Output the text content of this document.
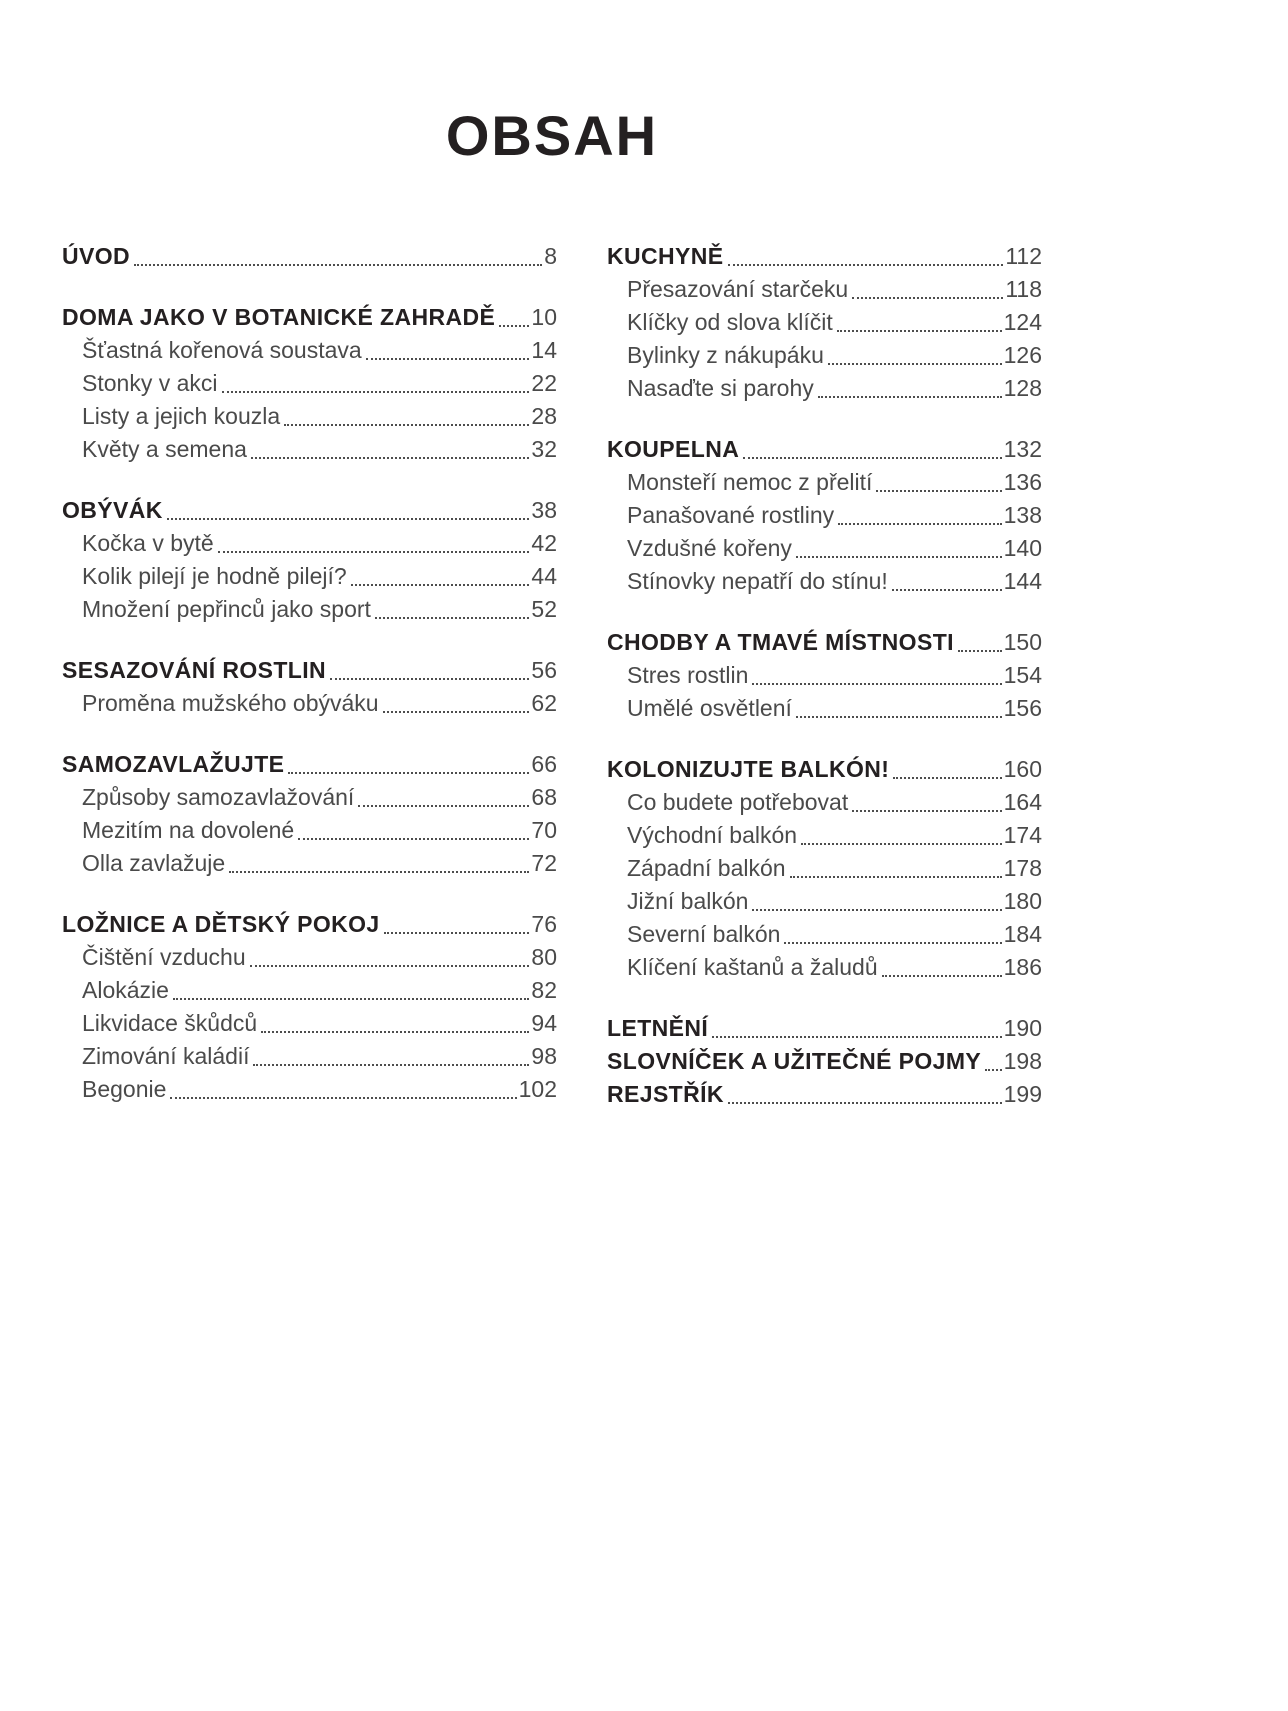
OBSAH
ÚVOD	8
DOMA JAKO V BOTANICKÉ ZAHRADĚ 10
Šťastná kořenová soustava	14
Stonky v akci	22
Listy a jejich kouzla	28
Květy a semena	32
OBÝVÁK	38
Kočka v bytě	42
Kolik pilejí je hodně pilejí?	44
Množení pepřinců jako sport	52
SESAZOVÁNÍ ROSTLIN	56
Proměna mužského obýváku	62
SAMOZAVLAŽUJTE	66
Způsoby samozavlažování	68
Mezitím na dovolené	70
Olla zavlažuje	72
LOŽNICE A DĚTSKÝ POKOJ	76
Čištění vzduchu	80
Alokázie	82
Likvidace škůdců	94
Zimování kaládií	98
Begonie	102
KUCHYNĚ	112
Přesazování starčeku	118
Klíčky od slova klíčit	124
Bylinky z nákupáku	126
Nasaďte si parohy	128
KOUPELNA	132
Monsteří nemoc z přelití	136
Panašované rostliny	138
Vzdušné kořeny	140
Stínovky nepatří do stínu!	144
CHODBY A TMAVÉ MÍSTNOSTI 150
Stres rostlin	154
Umělé osvětlení	156
KOLONIZUJTE BALKÓN!	160
Co budete potřebovat	164
Východní balkón	174
Západní balkón	178
Jižní balkón	180
Severní balkón	184
Klíčení kaštanů a žaludů	186
LETNĚNÍ	190
SLOVNÍČEK A UŽITEČNÉ POJMY 198
REJSTŘÍK	199
